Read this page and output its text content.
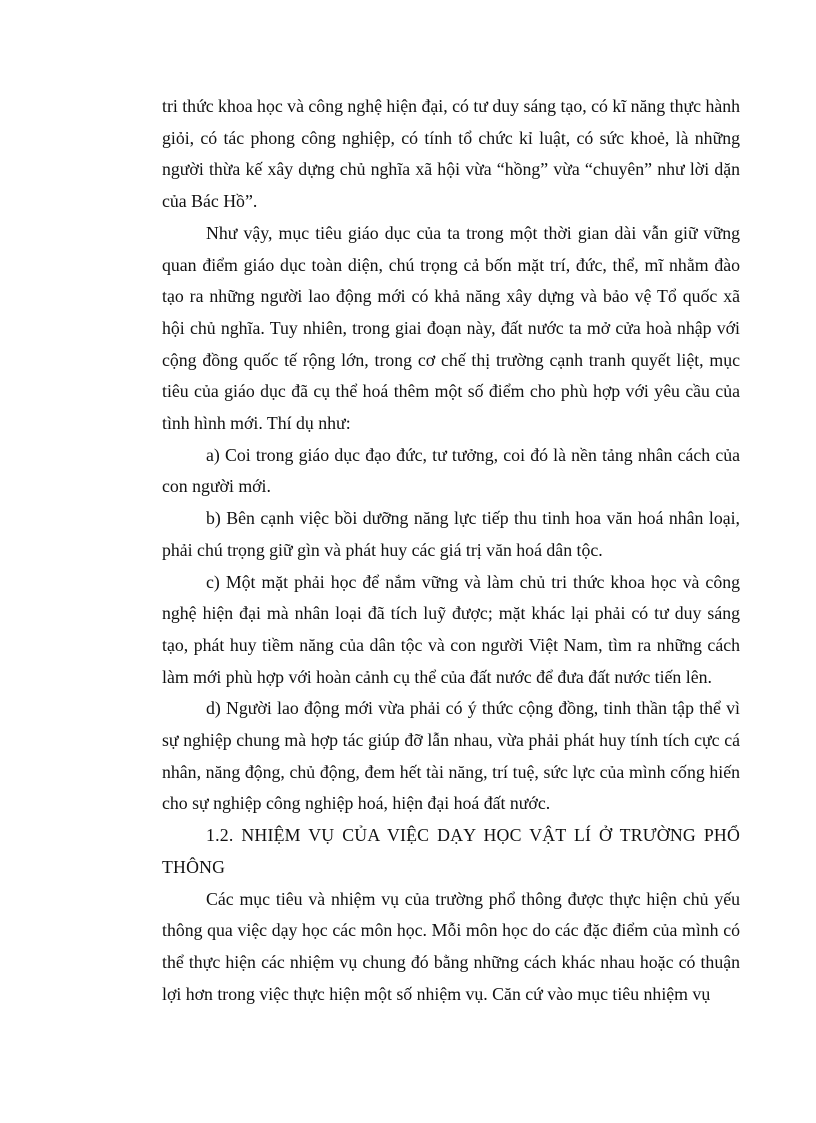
tri thức khoa học và công nghệ hiện đại, có tư duy sáng tạo, có kĩ năng thực hành giỏi, có tác phong công nghiệp, có tính tổ chức kỉ luật, có sức khoẻ, là những người thừa kế xây dựng chủ nghĩa xã hội vừa “hồng” vừa “chuyên” như lời dặn của Bác Hồ”.

Như vậy, mục tiêu giáo dục của ta trong một thời gian dài vẫn giữ vững quan điểm giáo dục toàn diện, chú trọng cả bốn mặt trí, đức, thể, mĩ nhằm đào tạo ra những người lao động mới có khả năng xây dựng và bảo vệ Tổ quốc xã hội chủ nghĩa. Tuy nhiên, trong giai đoạn này, đất nước ta mở cửa hoà nhập với cộng đồng quốc tế rộng lớn, trong cơ chế thị trường cạnh tranh quyết liệt, mục tiêu của giáo dục đã cụ thể hoá thêm một số điểm cho phù hợp với yêu cầu của tình hình mới. Thí dụ như:

a) Coi trong giáo dục đạo đức, tư tưởng, coi đó là nền tảng nhân cách của con người mới.

b) Bên cạnh việc bồi dưỡng năng lực tiếp thu tinh hoa văn hoá nhân loại, phải chú trọng giữ gìn và phát huy các giá trị văn hoá dân tộc.

c) Một mặt phải học để nắm vững và làm chủ tri thức khoa học và công nghệ hiện đại mà nhân loại đã tích luỹ được; mặt khác lại phải có tư duy sáng tạo, phát huy tiềm năng của dân tộc và con người Việt Nam, tìm ra những cách làm mới phù hợp với hoàn cảnh cụ thể của đất nước để đưa đất nước tiến lên.

d) Người lao động mới vừa phải có ý thức cộng đồng, tinh thần tập thể vì sự nghiệp chung mà hợp tác giúp đỡ lẫn nhau, vừa phải phát huy tính tích cực cá nhân, năng động, chủ động, đem hết tài năng, trí tuệ, sức lực của mình cống hiến cho sự nghiệp công nghiệp hoá, hiện đại hoá đất nước.

1.2. NHIỆM VỤ CỦA VIỆC DẠY HỌC VẬT LÍ Ở TRƯỜNG PHỔ THÔNG

Các mục tiêu và nhiệm vụ của trường phổ thông được thực hiện chủ yếu thông qua việc dạy học các môn học. Mỗi môn học do các đặc điểm của mình có thể thực hiện các nhiệm vụ chung đó bằng những cách khác nhau hoặc có thuận lợi hơn trong việc thực hiện một số nhiệm vụ. Căn cứ vào mục tiêu nhiệm vụ
